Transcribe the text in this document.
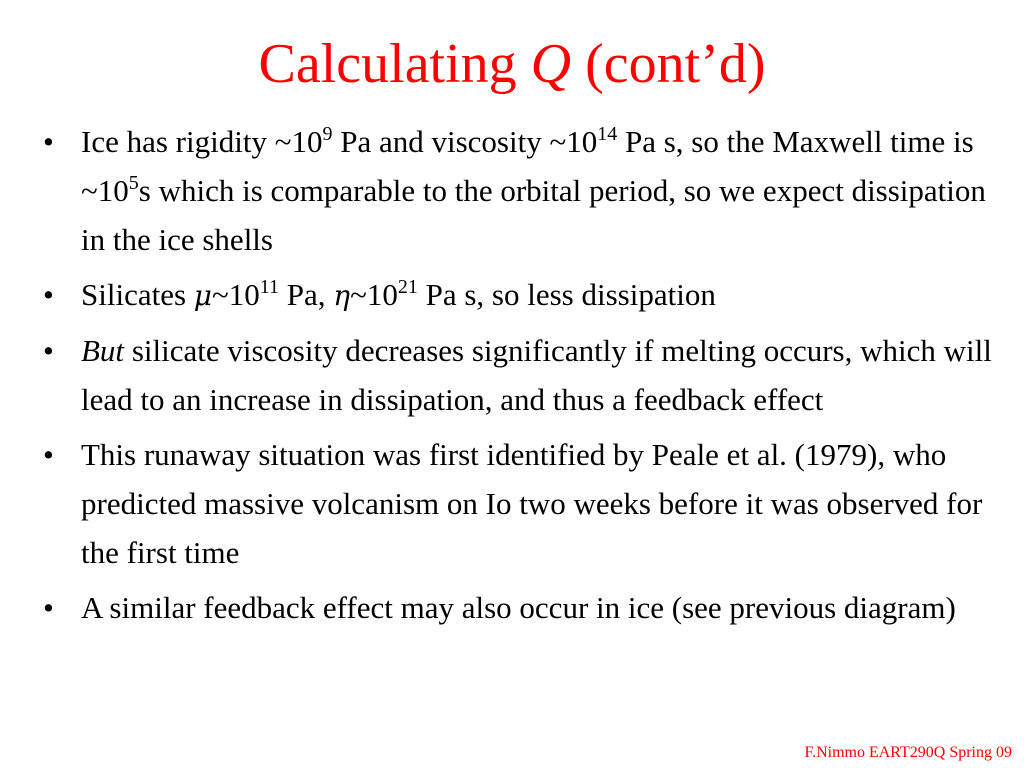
Calculating Q (cont’d)
• Ice has rigidity $\sim 10^9$ Pa and viscosity $\sim 10^{14}$ Pa s, so the Maxwell time is $\sim 10^5s$ which is comparable to the orbital period, so we expect dissipation in the ice shells
• Silicates $\mu\sim 10^{11}$ Pa, $\eta\sim 10^{21}$ Pa s, so less dissipation
• But silicate viscosity decreases significantly if melting occurs, which will lead to an increase in dissipation, and thus a feedback effect
• This runaway situation was first identified by Peale et al. (1979), who predicted massive volcanism on Io two weeks before it was observed for the first time
• A similar feedback effect may also occur in ice (see previous diagram)
F.Nimmo EART290Q Spring 09
